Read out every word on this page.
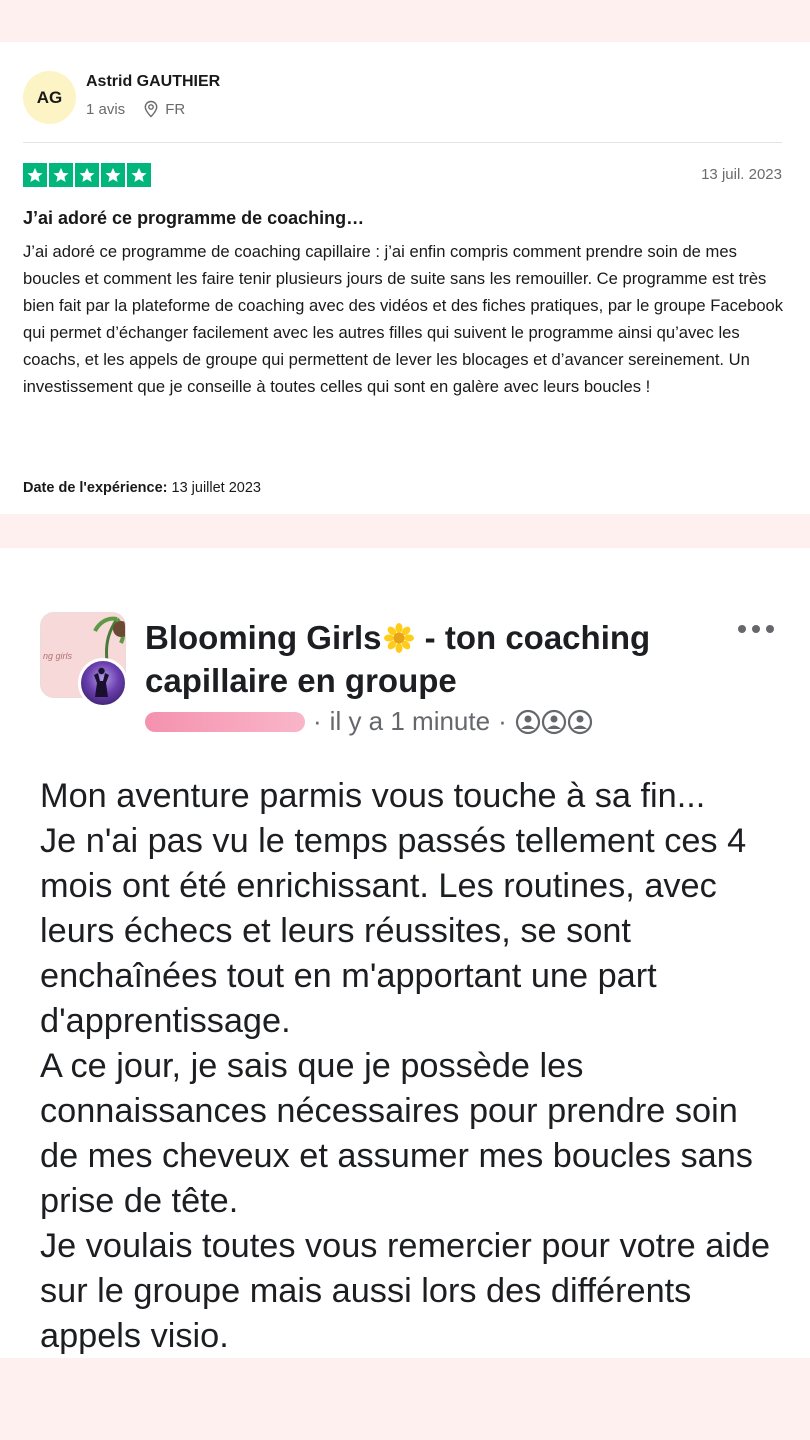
AG
Astrid GAUTHIER
1 avis	FR
13 juil. 2023
J’ai adoré ce programme de coaching…

J’ai adoré ce programme de coaching capillaire : j’ai enfin compris comment prendre soin de mes boucles et comment les faire tenir plusieurs jours de suite sans les remouiller. Ce programme est très bien fait par la plateforme de coaching avec des vidéos et des fiches pratiques, par le groupe Facebook qui permet d’échanger facilement avec les autres filles qui suivent le programme ainsi qu’avec les coachs, et les appels de groupe qui permettent de lever les blocages et d’avancer sereinement. Un investissement que je conseille à toutes celles qui sont en galère avec leurs boucles !

Date de l'expérience: 13 juillet 2023
ng girls Blooming Girls - ton coaching capillaire en groupe
· il y a 1 minute ·

Mon aventure parmis vous touche à sa fin...
Je n'ai pas vu le temps passés tellement ces 4 mois ont été enrichissant. Les routines, avec leurs échecs et leurs réussites, se sont enchaînées tout en m'apportant une part d'apprentissage.
A ce jour, je sais que je possède les connaissances nécessaires pour prendre soin de mes cheveux et assumer mes boucles sans prise de tête.
Je voulais toutes vous remercier pour votre aide sur le groupe mais aussi lors des différents appels visio.
